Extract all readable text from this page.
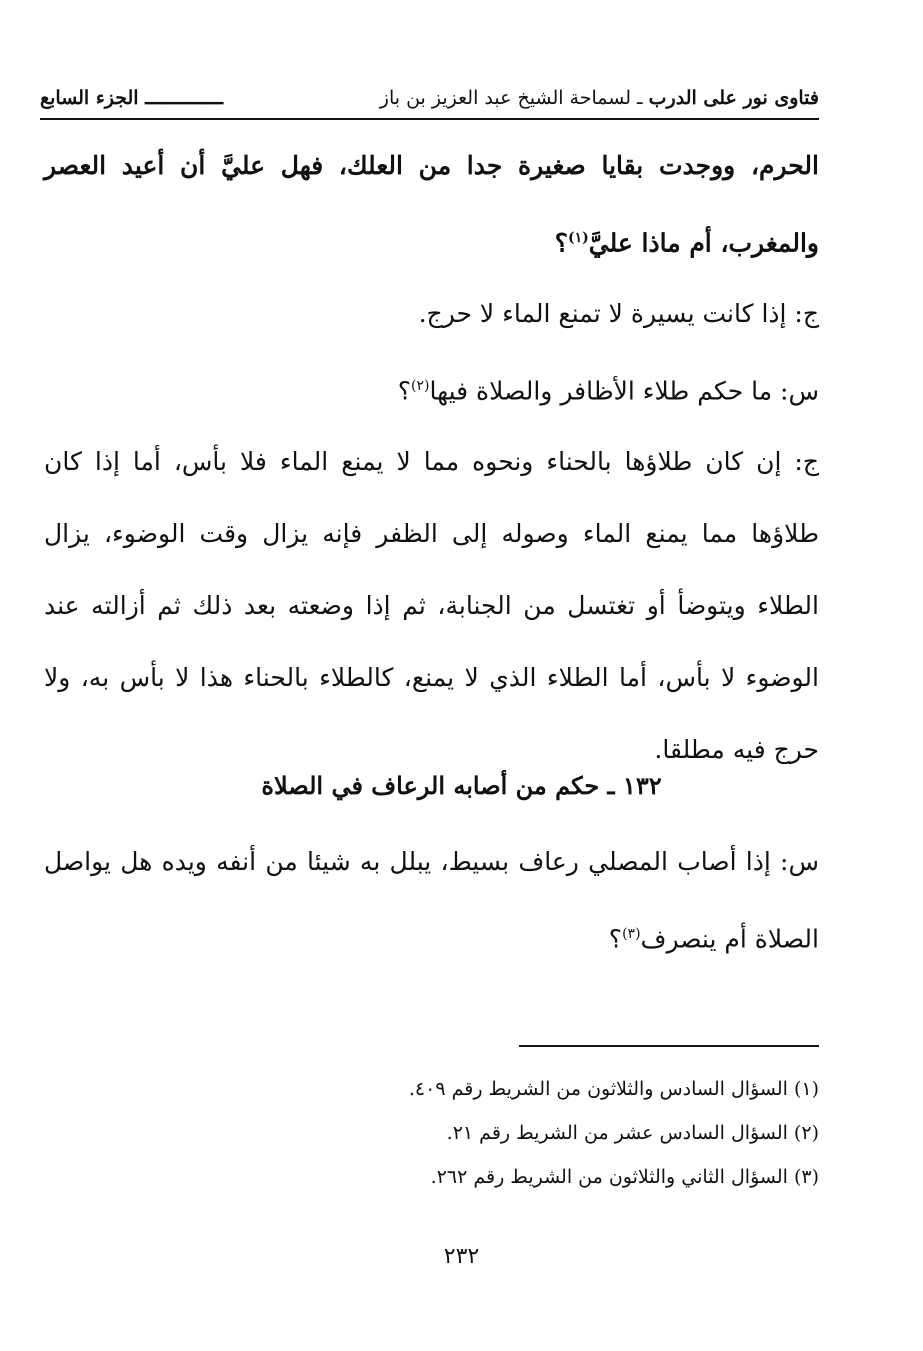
فتاوى نور على الدرب ـ لسماحة الشيخ عبد العزيز بن باز
ــــــــــــــ الجزء السابع
الحرم، ووجدت بقايا صغيرة جدا من العلك، فهل عليَّ أن أعيد العصر والمغرب، أم ماذا عليَّ$^{(١)}$؟
ج: إذا كانت يسيرة لا تمنع الماء لا حرج.
س: ما حكم طلاء الأظافر والصلاة فيها$^{(٢)}$؟
ج: إن كان طلاؤها بالحناء ونحوه مما لا يمنع الماء فلا بأس، أما إذا كان طلاؤها مما يمنع الماء وصوله إلى الظفر فإنه يزال وقت الوضوء، يزال الطلاء ويتوضأ أو تغتسل من الجنابة، ثم إذا وضعته بعد ذلك ثم أزالته عند الوضوء لا بأس، أما الطلاء الذي لا يمنع، كالطلاء بالحناء هذا لا بأس به، ولا حرج فيه مطلقا.
١٣٢ ـ حكم من أصابه الرعاف في الصلاة
س: إذا أصاب المصلي رعاف بسيط، يبلل به شيئا من أنفه ويده هل يواصل الصلاة أم ينصرف$^{(٣)}$؟
(١) السؤال السادس والثلاثون من الشريط رقم ٤٠٩.
(٢) السؤال السادس عشر من الشريط رقم ٢١.
(٣) السؤال الثاني والثلاثون من الشريط رقم ٢٦٢.
٢٣٢
